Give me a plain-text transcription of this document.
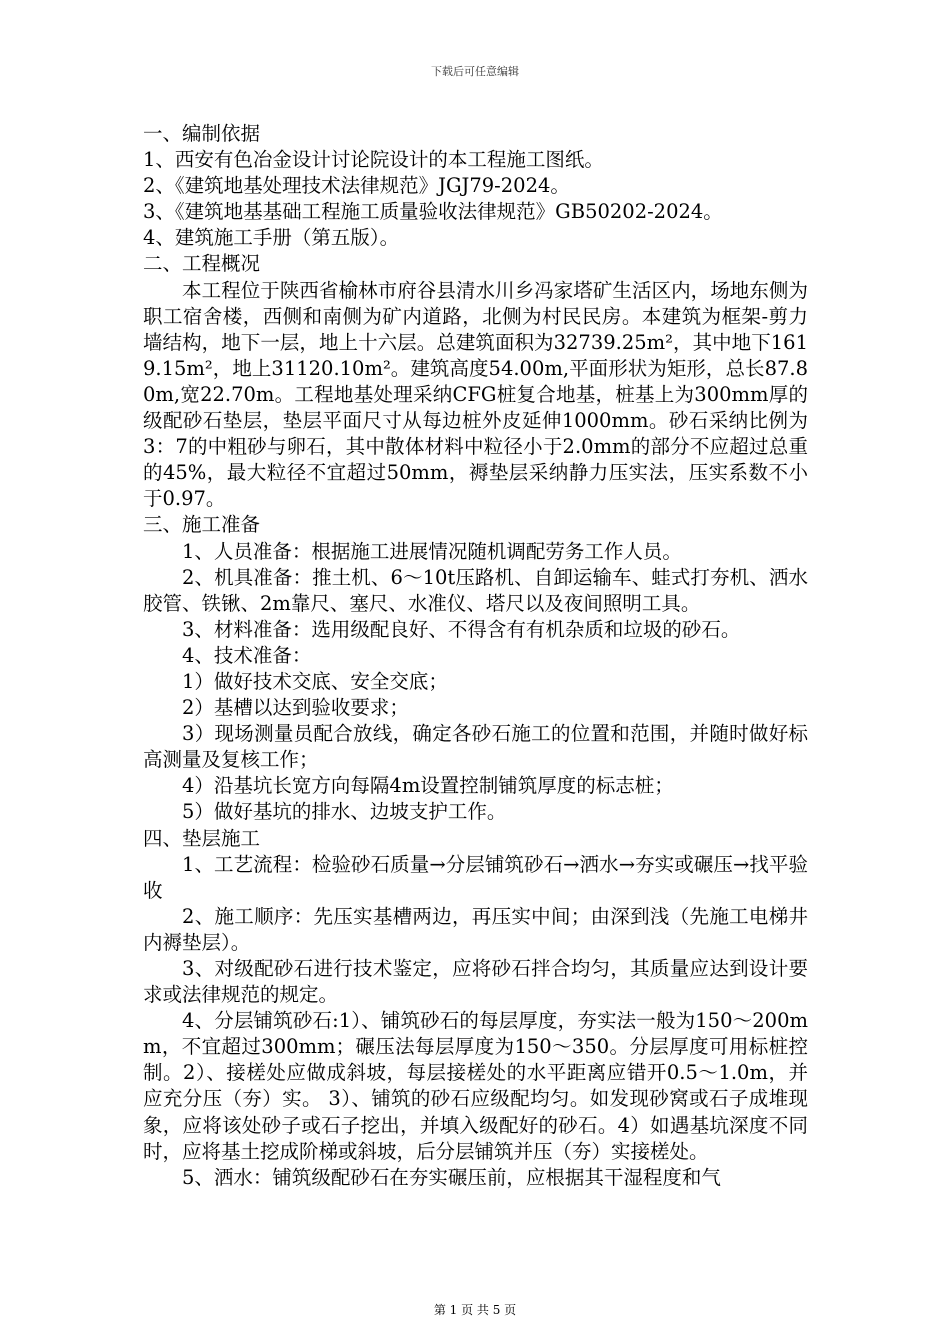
下载后可任意编辑

一、编制依据

1、西安有色冶金设计讨论院设计的本工程施工图纸。

2、《建筑地基处理技术法律规范》JGJ79-2024。

3、《建筑地基基础工程施工质量验收法律规范》GB50202-2024。

4、建筑施工手册（第五版）。

二、工程概况

本工程位于陕西省榆林市府谷县清水川乡冯家塔矿生活区内，场地东侧为职工宿舍楼，西侧和南侧为矿内道路，北侧为村民民房。本建筑为框架-剪力墙结构，地下一层，地上十六层。总建筑面积为32739.25m²，其中地下1619.15m²，地上31120.10m²。建筑高度54.00m,平面形状为矩形，总长87.80m,宽22.70m。工程地基处理采纳CFG桩复合地基，桩基上为300mm厚的级配砂石垫层，垫层平面尺寸从每边桩外皮延伸1000mm。砂石采纳比例为3：7的中粗砂与卵石，其中散体材料中粒径小于2.0mm的部分不应超过总重的45%，最大粒径不宜超过50mm，褥垫层采纳静力压实法，压实系数不小于0.97。

三、施工准备

1、人员准备：根据施工进展情况随机调配劳务工作人员。

2、机具准备：推土机、6～10t压路机、自卸运输车、蛙式打夯机、洒水胶管、铁锹、2m靠尺、塞尺、水准仪、塔尺以及夜间照明工具。

3、材料准备：选用级配良好、不得含有有机杂质和垃圾的砂石。

4、技术准备：

1）做好技术交底、安全交底；

2）基槽以达到验收要求；

3）现场测量员配合放线，确定各砂石施工的位置和范围，并随时做好标高测量及复核工作；

4）沿基坑长宽方向每隔4m设置控制铺筑厚度的标志桩；

5）做好基坑的排水、边坡支护工作。

四、垫层施工

1、工艺流程：检验砂石质量→分层铺筑砂石→洒水→夯实或碾压→找平验收

2、施工顺序：先压实基槽两边，再压实中间；由深到浅（先施工电梯井内褥垫层）。

3、对级配砂石进行技术鉴定，应将砂石拌合均匀，其质量应达到设计要求或法律规范的规定。

4、分层铺筑砂石:1）、铺筑砂石的每层厚度，夯实法一般为150～200mm，不宜超过300mm；碾压法每层厚度为150～350。分层厚度可用标桩控制。2）、接槎处应做成斜坡，每层接槎处的水平距离应错开0.5～1.0m，并应充分压（夯）实。 3）、铺筑的砂石应级配均匀。如发现砂窝或石子成堆现象，应将该处砂子或石子挖出，并填入级配好的砂石。4）如遇基坑深度不同时，应将基土挖成阶梯或斜坡，后分层铺筑并压（夯）实接槎处。

5、洒水：铺筑级配砂石在夯实碾压前，应根据其干湿程度和气

第 1 页 共 5 页
